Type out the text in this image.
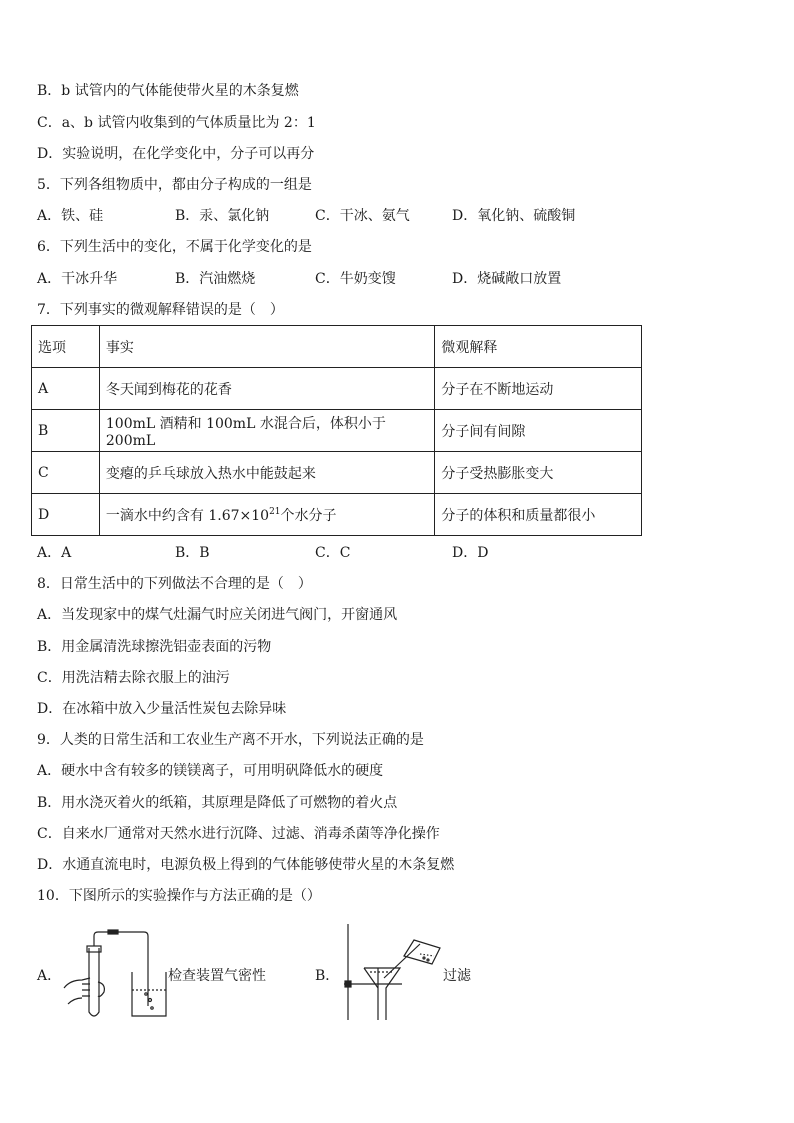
B．b 试管内的气体能使带火星的木条复燃
C．a、b 试管内收集到的气体质量比为 2：1
D．实验说明，在化学变化中，分子可以再分
5．下列各组物质中，都由分子构成的一组是
A．铁、硅	B．汞、氯化钠	C．干冰、氨气	D．氧化钠、硫酸铜
6．下列生活中的变化，不属于化学变化的是
A．干冰升华	B．汽油燃烧	C．牛奶变馊	D．烧碱敞口放置
7．下列事实的微观解释错误的是（　）
选项	事实	微观解释
A	冬天闻到梅花的花香	分子在不断地运动
B	100mL 酒精和 100mL 水混合后，体积小于 200mL	分子间有间隙
C	变瘪的乒乓球放入热水中能鼓起来	分子受热膨胀变大
D	一滴水中约含有 $1.67\times 10^{21}$个水分子	分子的体积和质量都很小
A．A	B．B	C．C	D．D
8．日常生活中的下列做法不合理的是（　）
A．当发现家中的煤气灶漏气时应关闭进气阀门，开窗通风
B．用金属清洗球擦洗铝壶表面的污物
C．用洗洁精去除衣服上的油污
D．在冰箱中放入少量活性炭包去除异味
9．人类的日常生活和工农业生产离不开水，下列说法正确的是
A．硬水中含有较多的镁镁离子，可用明矾降低水的硬度
B．用水浇灭着火的纸箱，其原理是降低了可燃物的着火点
C．自来水厂通常对天然水进行沉降、过滤、消毒杀菌等净化操作
D．水通直流电时，电源负极上得到的气体能够使带火星的木条复燃
10．下图所示的实验操作与方法正确的是（）
A．	检查装置气密性	B．	过滤
